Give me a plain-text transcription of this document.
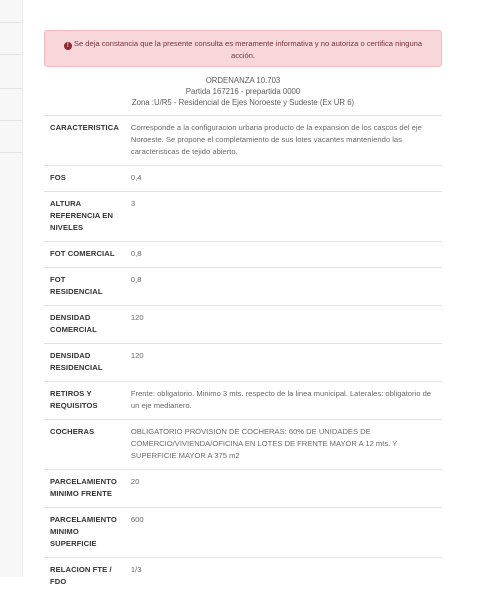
! Se deja constancia que la presente consulta es meramente informativa y no autoriza o certifica ninguna acción.
ORDENANZA 10.703
Partida 167216 - prepartida 0000
Zona :U/R5 - Residencial de Ejes Noroeste y Sudeste (Ex UR 6)
CARACTERISTICA	Corresponde a la configuracion urbaria producto de la expansion de los cascos del eje Noroeste. Se propone el completamiento de sus lotes vacantes manteniendo las caracteristicas de tejido abierto.
FOS	0,4
ALTURA REFERENCIA EN NIVELES	3
FOT COMERCIAL	0,8
FOT RESIDENCIAL	0,8
DENSIDAD COMERCIAL	120
DENSIDAD RESIDENCIAL	120
RETIROS Y REQUISITOS	Frente: obligatorio. Minimo 3 mts. respecto de la linea municipal. Laterales: obligatorio de un eje medianero.
COCHERAS	OBLIGATORIO PROVISION DE COCHERAS: 60% DE UNIDADES DE COMERCIO/VIVIENDA/OFICINA EN LOTES DE FRENTE MAYOR A 12 mts. Y SUPERFICIE MAYOR A 375 m2
PARCELAMIENTO MINIMO FRENTE	20
PARCELAMIENTO MINIMO SUPERFICIE	600
RELACION FTE / FDO	1/3
